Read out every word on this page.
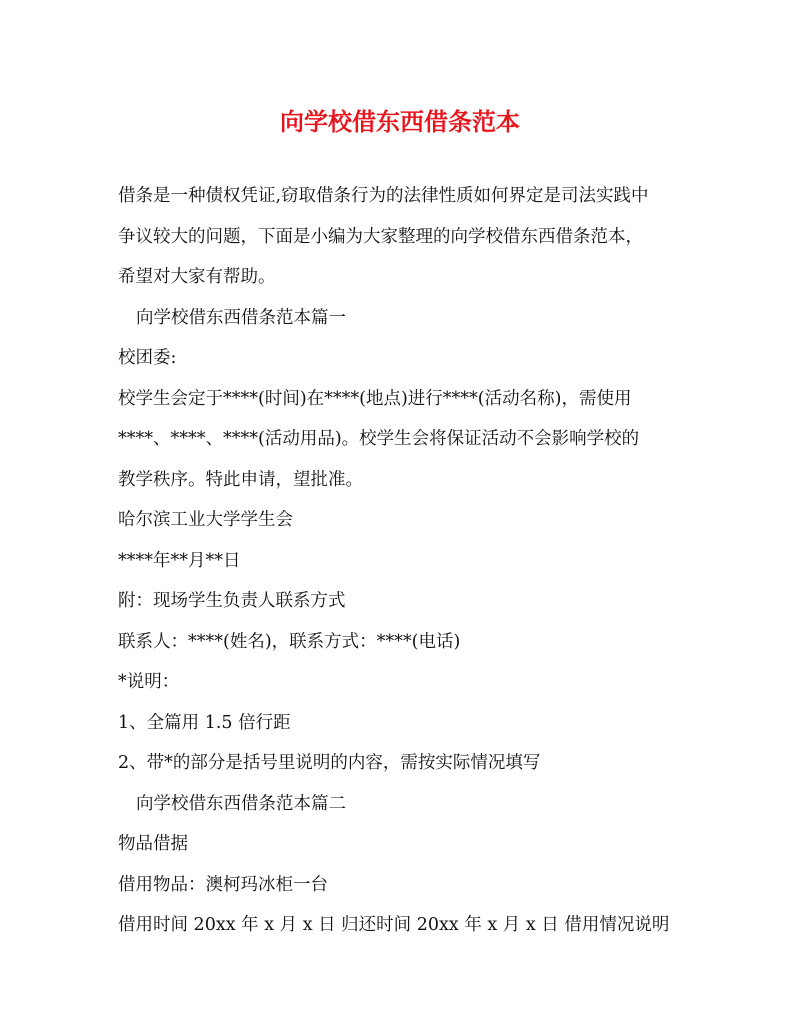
向学校借东西借条范本

借条是一种债权凭证,窃取借条行为的法律性质如何界定是司法实践中

争议较大的问题，下面是小编为大家整理的向学校借东西借条范本，

希望对大家有帮助。

向学校借东西借条范本篇一

校团委:

校学生会定于****(时间)在****(地点)进行****(活动名称)，需使用

****、****、****(活动用品)。校学生会将保证活动不会影响学校的

教学秩序。特此申请，望批准。

哈尔滨工业大学学生会

****年**月**日

附：现场学生负责人联系方式

联系人：****(姓名)，联系方式：****(电话)

*说明：

1、全篇用 1.5 倍行距

2、带*的部分是括号里说明的内容，需按实际情况填写

向学校借东西借条范本篇二

物品借据

借用物品：澳柯玛冰柜一台

借用时间 20xx 年 x 月 x 日 归还时间 20xx 年 x 月 x 日 借用情况说明
